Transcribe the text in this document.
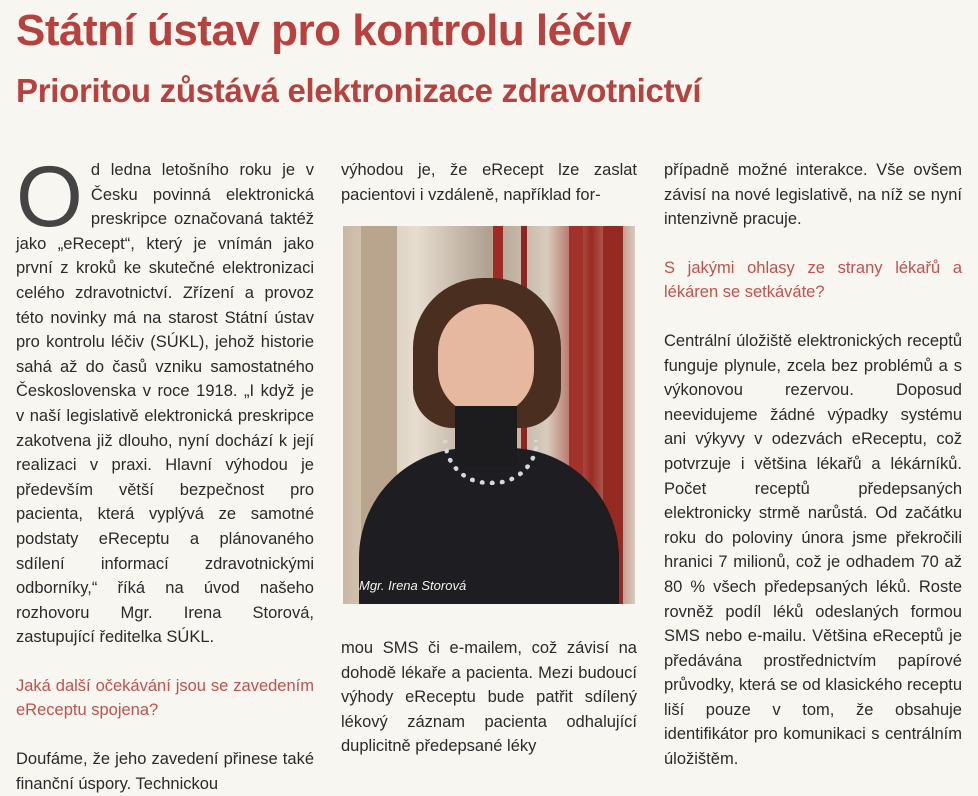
Státní ústav pro kontrolu léčiv
Prioritou zůstává elektronizace zdravotnictví
O d ledna letošního roku je v Česku povinná elektronická preskripce označovaná taktéž jako „eRecept“, který je vnímán jako první z kroků ke skutečné elektronizaci celého zdravotnictví. Zřízení a provoz této novinky má na starost Státní ústav pro kontrolu léčiv (SÚKL), jehož historie sahá až do časů vzniku samostatného Československa v roce 1918. „I když je v naší legislativě elektronická preskripce zakotvena již dlouho, nyní dochází k její realizaci v praxi. Hlavní výhodou je především větší bezpečnost pro pacienta, která vyplývá ze samotné podstaty eReceptu a plánovaného sdílení informací zdravotnickými odborníky,“ říká na úvod našeho rozhovoru Mgr. Irena Storová, zastupující ředitelka SÚKL.

Jaká další očekávání jsou se zavedením eReceptu spojena?

Doufáme, že jeho zavedení přinese také finanční úspory. Technickou

výhodou je, že eRecept lze zaslat pacientovi i vzdáleně, například for-

Mgr. Irena Storová

mou SMS či e-mailem, což závisí na dohodě lékaře a pacienta. Mezi budoucí výhody eReceptu bude patřit sdílený lékový záznam pacienta odhalující duplicitně předepsané léky

případně možné interakce. Vše ovšem závisí na nové legislativě, na níž se nyní intenzivně pracuje.

S jakými ohlasy ze strany lékařů a lékáren se setkáváte?

Centrální úložiště elektronických receptů funguje plynule, zcela bez problémů a s výkonovou rezervou. Doposud neevidujeme žádné výpadky systému ani výkyvy v odezvách eReceptu, což potvrzuje i většina lékařů a lékárníků. Počet receptů předepsaných elektronicky strmě narůstá. Od začátku roku do poloviny února jsme překročili hranici 7 milionů, což je odhadem 70 až 80 % všech předepsaných léků. Roste rovněž podíl léků odeslaných formou SMS nebo e-mailu. Většina eReceptů je předávána prostřednictvím papírové průvodky, která se od klasického receptu liší pouze v tom, že obsahuje identifikátor pro komunikaci s centrálním úložištěm.
